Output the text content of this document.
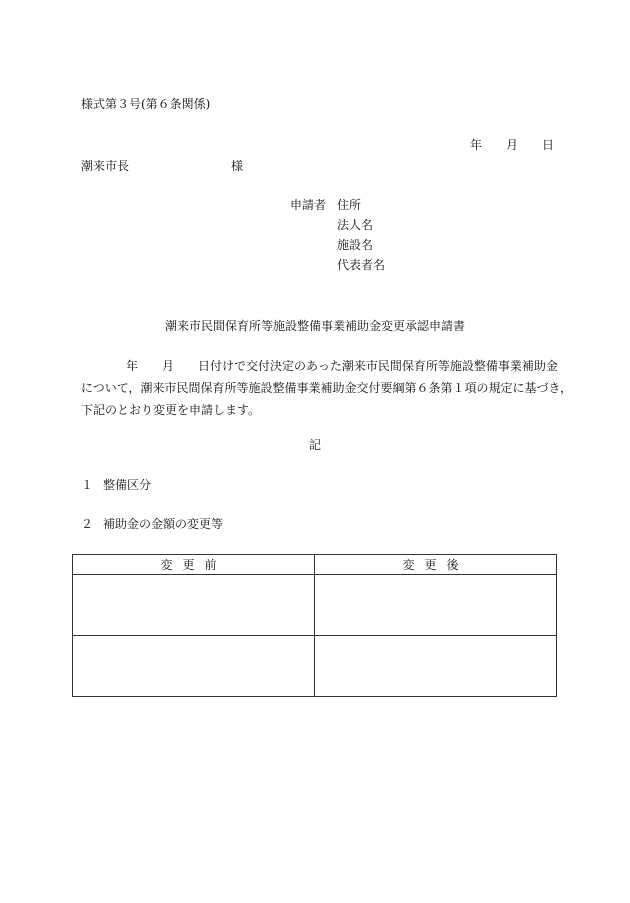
様式第３号(第６条関係)
年 月 日
潮来市長	様
申請者 住所
法人名
施設名
代表者名
潮来市民間保育所等施設整備事業補助金変更承認申請書
年 月 日付けで交付決定のあった潮来市民間保育所等施設整備事業補助金
について，潮来市民間保育所等施設整備事業補助金交付要綱第６条第１項の規定に基づき，
下記のとおり変更を申請します。
記
１ 整備区分
２ 補助金の金額の変更等
変更前	変更後
